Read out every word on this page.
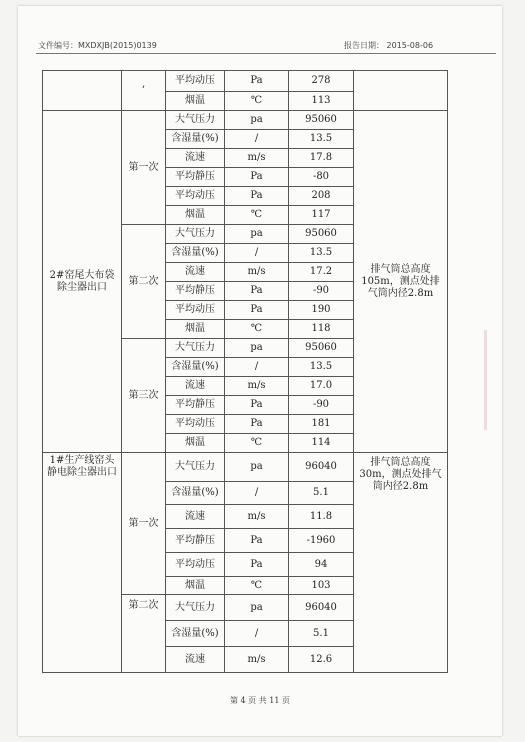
文件编号：MXDXJB(2015)0139	报告日期： 2015-08-06
	’	平均动压	Pa	278	
		烟温	℃	113	
2#窑尾大布袋除尘器出口	第一次	大气压力	pa	95060	排气筒总高度105m，测点处排气筒内径2.8m
		含湿量(%)	/	13.5	
		流速	m/s	17.8	
		平均静压	Pa	-80	
		平均动压	Pa	208	
		烟温	℃	117	
	第二次	大气压力	pa	95060	
		含湿量(%)	/	13.5	
		流速	m/s	17.2	
		平均静压	Pa	-90	
		平均动压	Pa	190	
		烟温	℃	118	
	第三次	大气压力	pa	95060	
		含湿量(%)	/	13.5	
		流速	m/s	17.0	
		平均静压	Pa	-90	
		平均动压	Pa	181	
		烟温	℃	114	
1#生产线窑头静电除尘器出口	第一次	大气压力	pa	96040	排气筒总高度30m，测点处排气筒内径2.8m
		含湿量(%)	/	5.1	
		流速	m/s	11.8	
		平均静压	Pa	-1960	
		平均动压	Pa	94	
		烟温	℃	103	
	第二次	大气压力	pa	96040	
		含湿量(%)	/	5.1	
		流速	m/s	12.6	
第 4 页 共 11 页
